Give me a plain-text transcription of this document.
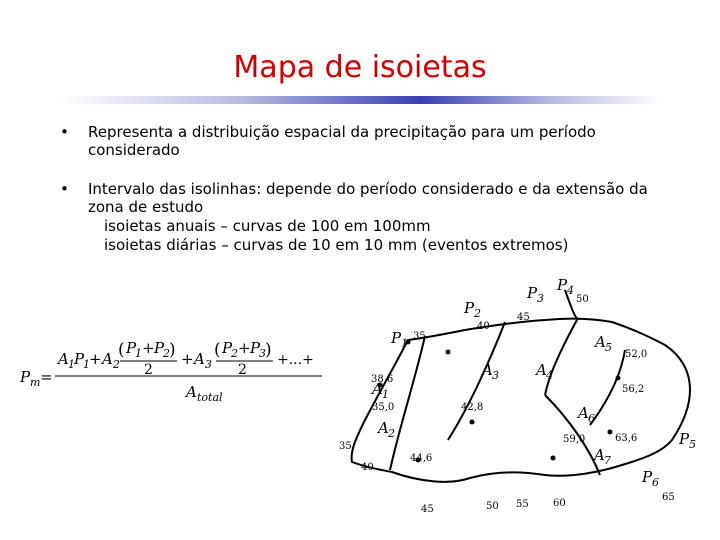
Mapa de isoietas
• Representa a distribuição espacial da precipitação para um período
considerado
• Intervalo das isolinhas: depende do período considerado e da extensão da
zona de estudo
isoietas anuais – curvas de 100 em 100mm
isoietas diárias – curvas de 10 em 10 mm (eventos extremos)
P m =
A 1 P
1 + A 2
( P
1 + P
2 )
2
+ A 3
( P
2 + P
3 )
2
+...+
A total
P 1
P 2
P 3
P 4
P 5
P 6
A 1
A 2
A 3 A 4
A 5
A 6
A 7
35
40
45
50
35
40
45	50 55 60
65
38,6
35,0	42,8
44,6
59,0	63,6
52,0
56,2
